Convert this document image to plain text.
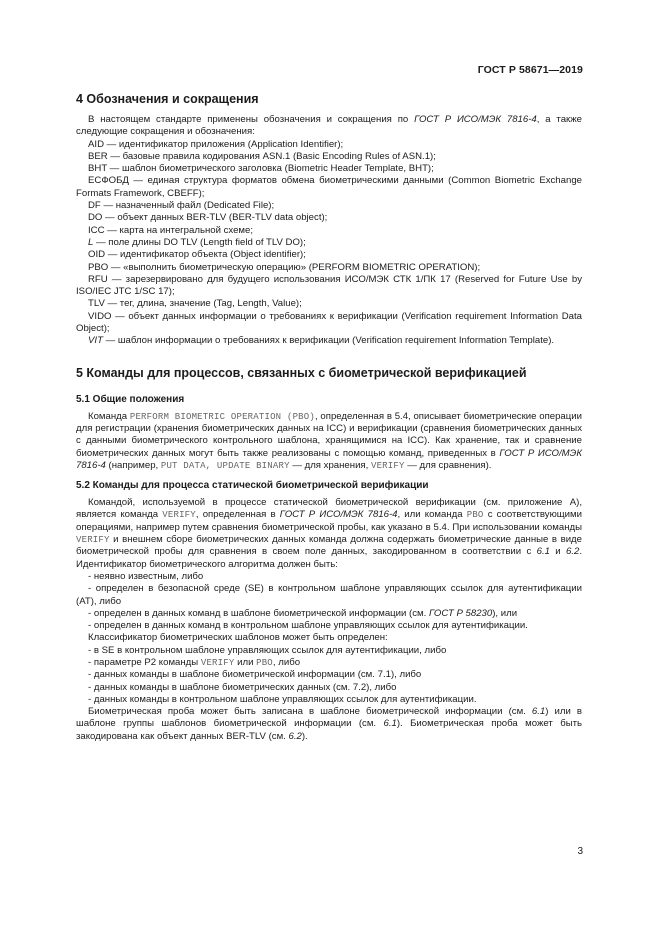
ГОСТ Р 58671—2019
4 Обозначения и сокращения

В настоящем стандарте применены обозначения и сокращения по ГОСТ Р ИСО/МЭК 7816-4, а также следующие сокращения и обозначения:

AID — идентификатор приложения (Application Identifier);

BER — базовые правила кодирования ASN.1 (Basic Encoding Rules of ASN.1);

BHT — шаблон биометрического заголовка (Biometric Header Template, BHT);

ЕСФОБД — единая структура форматов обмена биометрическими данными (Common Biometric Exchange Formats Framework, CBEFF);

DF — назначенный файл (Dedicated File);

DO — объект данных BER-TLV (BER-TLV data object);

ICC — карта на интегральной схеме;

L — поле длины DO TLV (Length field of TLV DO);

OID — идентификатор объекта (Object identifier);

PBO — «выполнить биометрическую операцию» (PERFORM BIOMETRIC OPERATION);

RFU — зарезервировано для будущего использования ИСО/МЭК СТК 1/ПК 17 (Reserved for Future Use by ISO/IEC JTC 1/SC 17);

TLV — тег, длина, значение (Tag, Length, Value);

VIDO — объект данных информации о требованиях к верификации (Verification requirement Information Data Object);

VIT — шаблон информации о требованиях к верификации (Verification requirement Information Template).

5 Команды для процессов, связанных с биометрической верификацией
5.1 Общие положения

Команда PERFORM BIOMETRIC OPERATION (PBO), определенная в 5.4, описывает биометрические операции для регистрации (хранения биометрических данных на ICC) и верификации (сравнения биометрических данных с данными биометрического контрольного шаблона, хранящимися на ICC). Как хранение, так и сравнение биометрических данных могут быть также реализованы с помощью команд, приведенных в ГОСТ Р ИСО/МЭК 7816-4 (например, PUT DATA, UPDATE BINARY — для хранения, VERIFY — для сравнения).

5.2 Команды для процесса статической биометрической верификации

Командой, используемой в процессе статической биометрической верификации (см. приложение А), является команда VERIFY, определенная в ГОСТ Р ИСО/МЭК 7816-4, или команда PBO с соответствующими операциями, например путем сравнения биометрической пробы, как указано в 5.4. При использовании команды VERIFY и внешнем сборе биометрических данных команда должна содержать биометрические данные в виде биометрической пробы для сравнения в своем поле данных, закодированном в соответствии с 6.1 и 6.2. Идентификатор биометрического алгоритма должен быть:

- неявно известным, либо

- определен в безопасной среде (SE) в контрольном шаблоне управляющих ссылок для аутентификации (AT), либо

- определен в данных команд в шаблоне биометрической информации (см. ГОСТ Р 58230), или

- определен в данных команд в контрольном шаблоне управляющих ссылок для аутентификации.

Классификатор биометрических шаблонов может быть определен:

- в SE в контрольном шаблоне управляющих ссылок для аутентификации, либо

- параметре P2 команды VERIFY или PBO, либо

- данных команды в шаблоне биометрической информации (см. 7.1), либо

- данных команды в шаблоне биометрических данных (см. 7.2), либо

- данных команды в контрольном шаблоне управляющих ссылок для аутентификации.

Биометрическая проба может быть записана в шаблоне биометрической информации (см. 6.1) или в шаблоне группы шаблонов биометрической информации (см. 6.1). Биометрическая проба может быть закодирована как объект данных BER-TLV (см. 6.2).

3
